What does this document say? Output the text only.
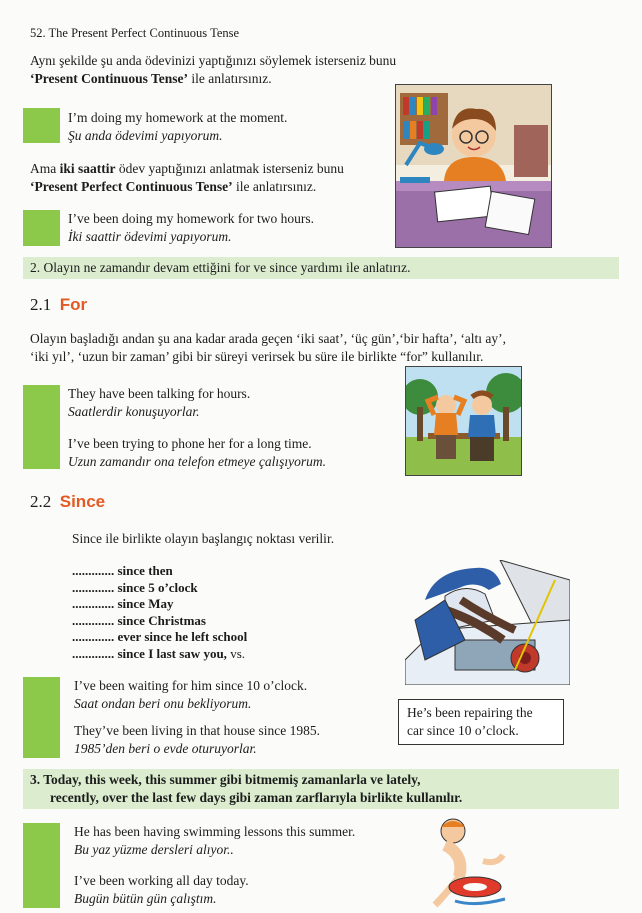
52. The Present Perfect Continuous Tense
Aynı şekilde şu anda ödevinizi yaptığınızı söylemek isterseniz bunu
‘Present Continuous Tense’ ile anlatırsınız.
I’m doing my homework at the moment.
Şu anda ödevimi yapıyorum.
Ama iki saattir ödev yaptığınızı anlatmak isterseniz bunu
‘Present Perfect Continuous Tense’ ile anlatırsınız.
I’ve been doing my homework for two hours.
İki saattir ödevimi yapıyorum.
2. Olayın ne zamandır devam ettiğini for ve since yardımı ile anlatırız.
2.1 For
Olayın başladığı andan şu ana kadar arada geçen ‘iki saat’, ‘üç gün’,‘bir hafta’, ‘altı ay’,
‘iki yıl’, ‘uzun bir zaman’ gibi bir süreyi verirsek bu süre ile birlikte “for” kullanılır.
They have been talking for hours.
Saatlerdir konuşuyorlar.
I’ve been trying to phone her for a long time.
Uzun zamandır ona telefon etmeye çalışıyorum.
2.2 Since
Since ile birlikte olayın başlangıç noktası verilir.
............. since then
............. since 5 o’clock
............. since May
............. since Christmas
............. ever since he left school
............. since I last saw you, vs.
I’ve been waiting for him since 10 o’clock.
Saat ondan beri onu bekliyorum.
They’ve been living in that house since 1985.
1985’den beri o evde oturuyorlar.
He’s been repairing the
car since 10 o’clock.
3. Today, this week, this summer gibi bitmemiş zamanlarla ve lately,
recently, over the last few days gibi zaman zarflarıyla birlikte kullanılır.
He has been having swimming lessons this summer.
Bu yaz yüzme dersleri alıyor..
I’ve been working all day today.
Bugün bütün gün çalıştım.
